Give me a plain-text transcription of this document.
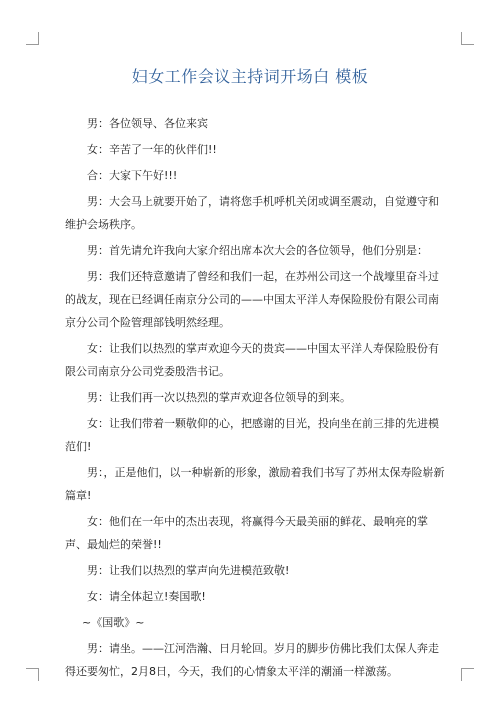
妇女工作会议主持词开场白 模板

男：各位领导、各位来宾

女：辛苦了一年的伙伴们!!

合：大家下午好!!!

男：大会马上就要开始了，请将您手机呼机关闭或调至震动，自觉遵守和维护会场秩序。

男：首先请允许我向大家介绍出席本次大会的各位领导，他们分别是：

男：我们还特意邀请了曾经和我们一起，在苏州公司这一个战壕里奋斗过的战友，现在已经调任南京分公司的——中国太平洋人寿保险股份有限公司南京分公司个险管理部钱明然经理。

女：让我们以热烈的掌声欢迎今天的贵宾——中国太平洋人寿保险股份有限公司南京分公司党委殷浩书记。

男：让我们再一次以热烈的掌声欢迎各位领导的到来。

女：让我们带着一颗敬仰的心，把感谢的目光，投向坐在前三排的先进模范们!

男：，正是他们，以一种崭新的形象，激励着我们书写了苏州太保寿险崭新篇章!

女：他们在一年中的杰出表现，将赢得今天最美丽的鲜花、最响亮的掌声、最灿烂的荣誉!!

男：让我们以热烈的掌声向先进模范致敬!

女：请全体起立!奏国歌!

~《国歌》~

男：请坐。——江河浩瀚、日月轮回。岁月的脚步仿佛比我们太保人奔走得还要匆忙，2月8日，今天，我们的心情象太平洋的潮涌一样激荡。
